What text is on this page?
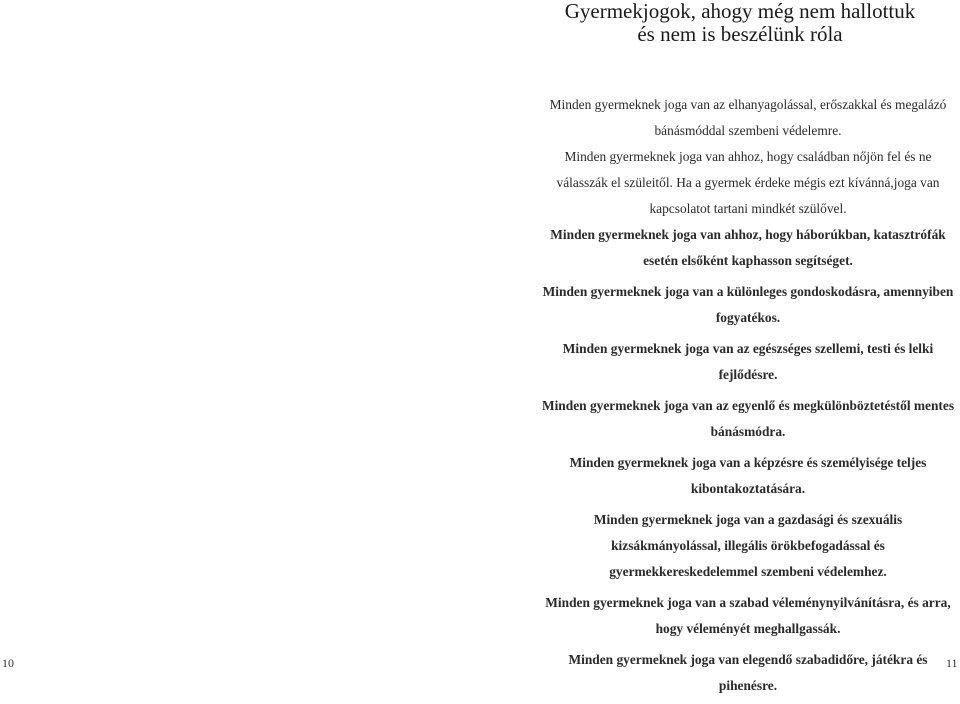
Gyermekjogok, ahogy még nem hallottuk
és nem is beszélünk róla

Minden gyermeknek joga van az elhanyagolással, erőszakkal és megalázó bánásmóddal szembeni védelemre.

Minden gyermeknek joga van ahhoz, hogy családban nőjön fel és ne válasszák el szüleitől. Ha a gyermek érdeke mégis ezt kívánná,joga van kapcsolatot tartani mindkét szülővel.

Minden gyermeknek joga van ahhoz, hogy háborúkban, katasztrófák esetén elsőként kaphasson segítséget.

Minden gyermeknek joga van a különleges gondoskodásra, amennyiben fogyatékos.

Minden gyermeknek joga van az egészséges szellemi, testi és lelki fejlődésre.

Minden gyermeknek joga van az egyenlő és megkülönböztetéstől mentes bánásmódra.

Minden gyermeknek joga van a képzésre és személyisége teljes kibontakoztatására.

Minden gyermeknek joga van a gazdasági és szexuális kizsákmányolással, illegális örökbefogadással és gyermekkereskedelemmel szembeni védelemhez.

Minden gyermeknek joga van a szabad véleménynyilvánításra, és arra, hogy véleményét meghallgassák.

Minden gyermeknek joga van elegendő szabadidőre, játékra és pihenésre.

10	11
